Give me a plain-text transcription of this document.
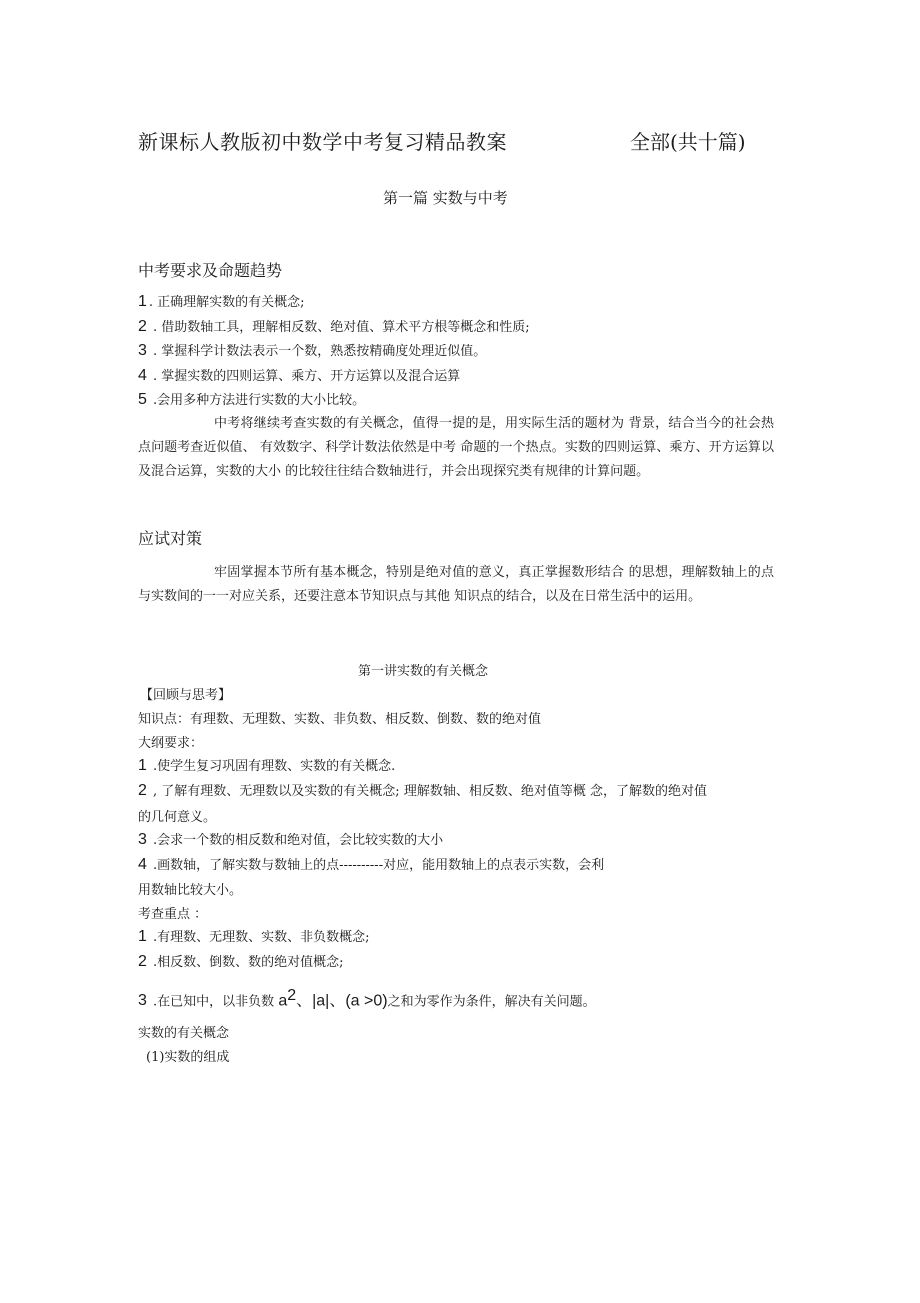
新课标人教版初中数学中考复习精品教案	全部(共十篇)
第一篇 实数与中考
中考要求及命题趋势
1 . 正确理解实数的有关概念;
2 . 借助数轴工具，理解相反数、绝对值、算术平方根等概念和性质;
3 . 掌握科学计数法表示一个数，熟悉按精确度处理近似值。
4 . 掌握实数的四则运算、乘方、开方运算以及混合运算
5 .会用多种方法进行实数的大小比较。
中考将继续考查实数的有关概念，值得一提的是，用实际生活的题材为 背景，结合当今的社会热点问题考查近似值、 有效数字、科学计数法依然是中考 命题的一个热点。实数的四则运算、乘方、开方运算以及混合运算，实数的大小 的比较往往结合数轴进行，并会出现探究类有规律的计算问题。
应试对策
牢固掌握本节所有基本概念，特别是绝对值的意义，真正掌握数形结合 的思想，理解数轴上的点与实数间的一一对应关系，还要注意本节知识点与其他 知识点的结合，以及在日常生活中的运用。
第一讲实数的有关概念
【回顾与思考】
知识点：有理数、无理数、实数、非负数、相反数、倒数、数的绝对值
大纲要求：
1 .使学生复习巩固有理数、实数的有关概念.
2 , 了解有理数、无理数以及实数的有关概念; 理解数轴、相反数、绝对值等概 念，了解数的绝对值
的几何意义。
3 .会求一个数的相反数和绝对值，会比较实数的大小
4 .画数轴，了解实数与数轴上的点----------对应，能用数轴上的点表示实数，会利
用数轴比较大小。
考查重点 ：
1 .有理数、无理数、实数、非负数概念;
2 .相反数、倒数、数的绝对值概念;
3 .在已知中，以非负数 $a^2$、|a|、(a >0)之和为零作为条件，解决有关问题。
实数的有关概念
(1)实数的组成
